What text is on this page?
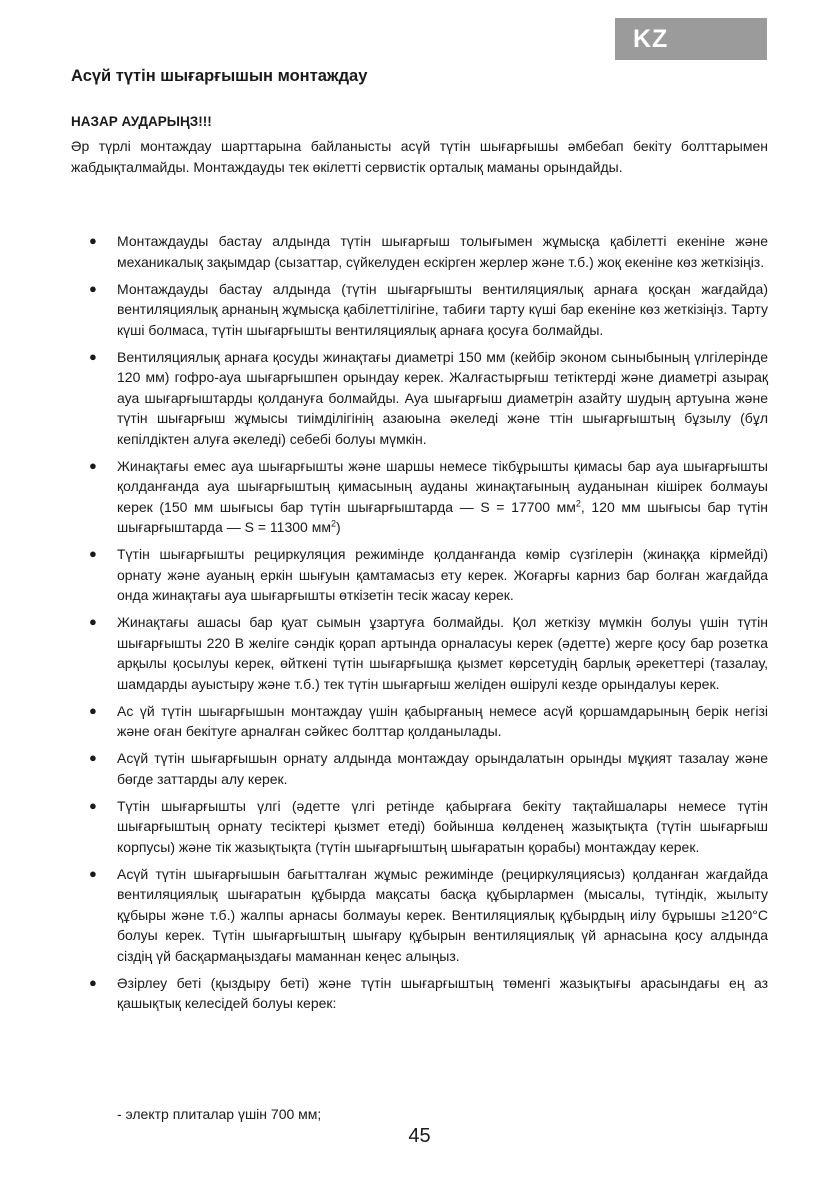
KZ
Асүй түтін шығарғышын монтаждау

НАЗАР АУДАРЫҢЗ!!!

Әр түрлі монтаждау шарттарына байланысты асүй түтін шығарғышы әмбебап бекіту болттарымен жабдықталмайды. Монтаждауды тек өкілетті сервистік орталық маманы орындайды.

● Монтаждауды бастау алдында түтін шығарғыш толығымен жұмысқа қабілетті екеніне және механикалық зақымдар (сызаттар, сүйкелуден ескірген жерлер және т.б.) жоқ екеніне көз жеткізіңіз.
● Монтаждауды бастау алдында (түтін шығарғышты вентиляциялық арнаға қосқан жағдайда) вентиляциялық арнаның жұмысқа қабілеттілігіне, табиғи тарту күші бар екеніне көз жеткізіңіз. Тарту күші болмаса, түтін шығарғышты вентиляциялық арнаға қосуға болмайды.
● Вентиляциялық арнаға қосуды жинақтағы диаметрі 150 мм (кейбір эконом сыныбының үлгілерінде 120 мм) гофро-ауа шығарғышпен орындау керек. Жалғастырғыш тетіктерді және диаметрі азырақ ауа шығарғыштарды қолдануға болмайды. Ауа шығарғыш диаметрін азайту шудың артуына және түтін шығарғыш жұмысы тиімділігінің азаюына әкеледі және ттін шығарғыштың бұзылу (бұл кепілдіктен алуға әкеледі) себебі болуы мүмкін.
● Жинақтағы емес ауа шығарғышты және шаршы немесе тікбұрышты қимасы бар ауа шығарғышты қолданғанда ауа шығарғыштың қимасының ауданы жинақтағының ауданынан кішірек болмауы керек (150 мм шығысы бар түтін шығарғыштарда — S = 17700 $мм^2$, 120 мм шығысы бар түтін шығарғыштарда — S = 11300 $мм^2$)
● Түтін шығарғышты рециркуляция режимінде қолданғанда көмір сүзгілерін (жинаққа кірмейді) орнату және ауаның еркін шығуын қамтамасыз ету керек. Жоғарғы карниз бар болған жағдайда онда жинақтағы ауа шығарғышты өткізетін тесік жасау керек.
● Жинақтағы ашасы бар қуат сымын ұзартуға болмайды. Қол жеткізу мүмкін болуы үшін түтін шығарғышты 220 В желіге сәндік қорап артында орналасуы керек (әдетте) жерге қосу бар розетка арқылы қосылуы керек, өйткені түтін шығарғышқа қызмет көрсетудің барлық әрекеттері (тазалау, шамдарды ауыстыру және т.б.) тек түтін шығарғыш желіден өшірулі кезде орындалуы керек.
● Ас үй түтін шығарғышын монтаждау үшін қабырғаның немесе асүй қоршамдарының берік негізі және оған бекітуге арналған сәйкес болттар қолданылады.
● Асүй түтін шығарғышын орнату алдында монтаждау орындалатын орынды мұқият тазалау және бөгде заттарды алу керек.
● Түтін шығарғышты үлгі (әдетте үлгі ретінде қабырғаға бекіту тақтайшалары немесе түтін шығарғыштың орнату тесіктері қызмет етеді) бойынша көлденең жазықтықта (түтін шығарғыш корпусы) және тік жазықтықта (түтін шығарғыштың шығаратын қорабы) монтаждау керек.
● Асүй түтін шығарғышын бағытталған жұмыс режимінде (рециркуляциясыз) қолданған жағдайда вентиляциялық шығаратын құбырда мақсаты басқа құбырлармен (мысалы, түтіндік, жылыту құбыры және т.б.) жалпы арнасы болмауы керек. Вентиляциялық құбырдың иілу бұрышы ≥120°С болуы керек. Түтін шығарғыштың шығару құбырын вентиляциялық үй арнасына қосу алдында сіздің үй басқармаңыздағы маманнан кеңес алыңыз.
● Әзірлеу беті (қыздыру беті) және түтін шығарғыштың төменгі жазықтығы арасындағы ең аз қашықтық келесідей болуы керек:

- электр плиталар үшін 700 мм;

45
